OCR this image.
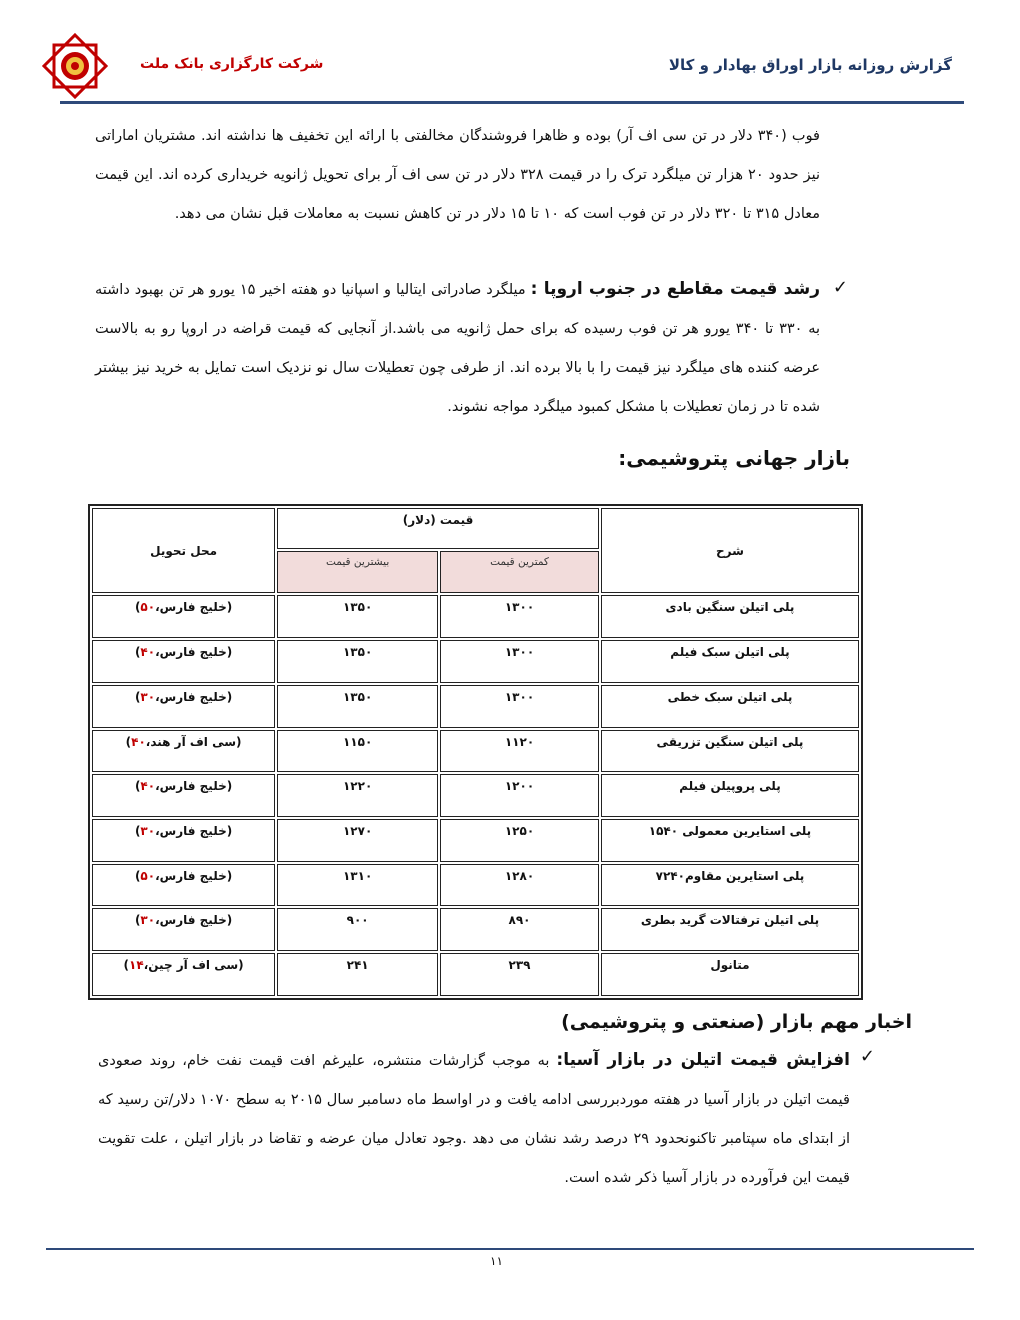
شرکت کارگزاری بانک ملت	گزارش روزانه بازار اوراق بهادار و کالا
فوب (۳۴۰ دلار در تن سی اف آر) بوده و ظاهرا فروشندگان مخالفتی با ارائه این تخفیف ها نداشته اند. مشتریان اماراتی نیز حدود ۲۰ هزار تن میلگرد ترک را در قیمت ۳۲۸ دلار در تن سی اف آر برای تحویل ژانویه خریداری کرده اند. این قیمت معادل ۳۱۵ تا ۳۲۰ دلار در تن فوب است که ۱۰ تا ۱۵ دلار در تن کاهش نسبت به معاملات قبل نشان می دهد.
✓
رشد قیمت مقاطع در جنوب اروپا : میلگرد صادراتی ایتالیا و اسپانیا دو هفته اخیر ۱۵ یورو هر تن بهبود داشته به ۳۳۰ تا ۳۴۰ یورو هر تن فوب رسیده که برای حمل ژانویه می باشد.از آنجایی که قیمت قراضه در اروپا رو به بالاست عرضه کننده های میلگرد نیز قیمت را با بالا برده اند. از طرفی چون تعطیلات سال نو نزدیک است تمایل به خرید نیز بیشتر شده تا در زمان تعطیلات با مشکل کمبود میلگرد مواجه نشوند.
بازار جهانی پتروشیمی:
شرح	قیمت (دلار)		محل تحویل
	کمترین قیمت	بیشترین قیمت	
پلی اتیلن سنگین بادی	۱۳۰۰	۱۳۵۰	(خلیج فارس،۵۰)
پلی اتیلن سبک فیلم	۱۳۰۰	۱۳۵۰	(خلیج فارس،۴۰)
پلی اتیلن سبک خطی	۱۳۰۰	۱۳۵۰	(خلیج فارس،۳۰)
پلی اتیلن سنگین تزریقی	۱۱۲۰	۱۱۵۰	(سی اف آر هند،۴۰)
پلی پروپیلن فیلم	۱۲۰۰	۱۲۲۰	(خلیج فارس،۴۰)
پلی استایرین معمولی ۱۵۴۰	۱۲۵۰	۱۲۷۰	(خلیج فارس،۳۰)
پلی استایرین مقاوم۷۲۴۰	۱۲۸۰	۱۳۱۰	(خلیج فارس،۵۰)
پلی اتیلن ترفتالات گرید بطری	۸۹۰	۹۰۰	(خلیج فارس،۳۰)
متانول	۲۳۹	۲۴۱	(سی اف آر چین،۱۴)
اخبار مهم بازار (صنعتی و پتروشیمی)
✓
افزایش قیمت اتیلن در بازار آسیا: به موجب گزارشات منتشره، علیرغم افت قیمت نفت خام، روند صعودی قیمت اتیلن در بازار آسیا در هفته موردبررسی ادامه یافت و در اواسط ماه دسامبر سال ۲۰۱۵ به سطح ۱۰۷۰ دلار/تن رسید که از ابتدای ماه سپتامبر تاکنونحدود ۲۹ درصد رشد نشان می دهد .وجود تعادل میان عرضه و تقاضا در بازار اتیلن ، علت تقویت قیمت این فرآورده در بازار آسیا ذکر شده است.
۱۱
